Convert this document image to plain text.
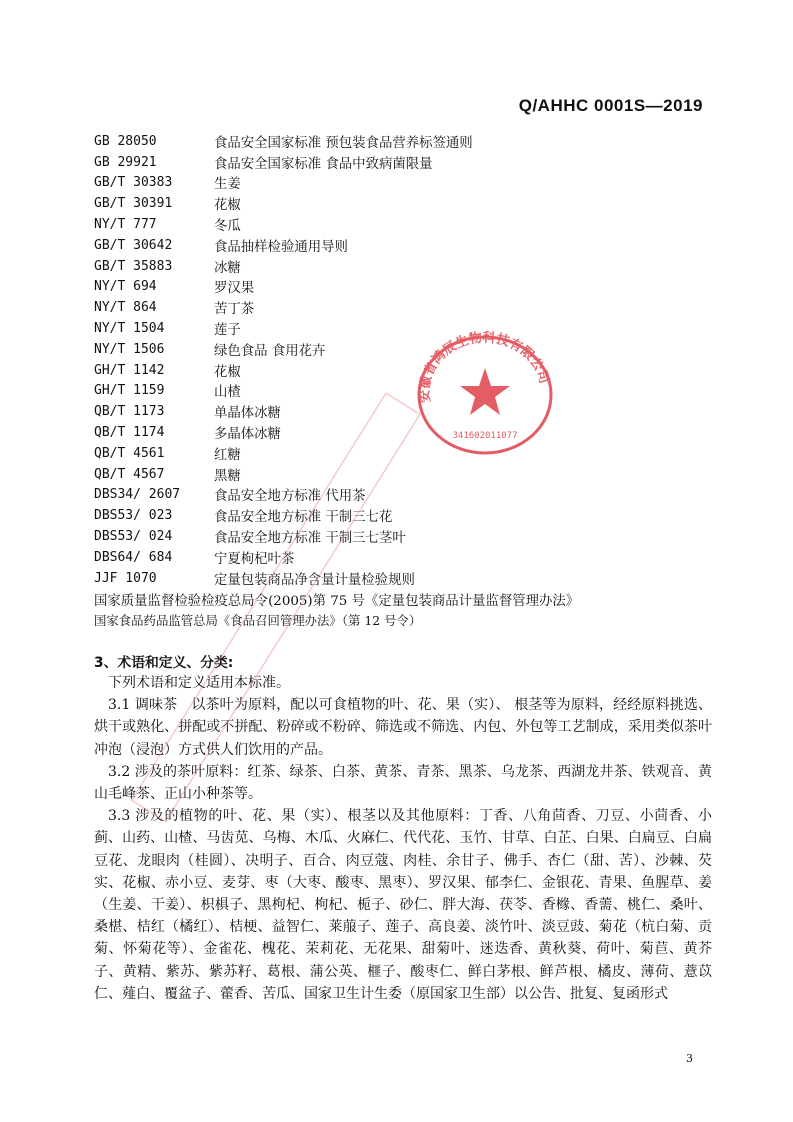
Q/AHHC 0001S—2019
GB 28050	食品安全国家标准 预包装食品营养标签通则
GB 29921	食品安全国家标准 食品中致病菌限量
GB/T 30383	生姜
GB/T 30391	花椒
NY/T 777	冬瓜
GB/T 30642	食品抽样检验通用导则
GB/T 35883	冰糖
NY/T 694	罗汉果
NY/T 864	苦丁茶
NY/T 1504	莲子
NY/T 1506	绿色食品 食用花卉
GH/T 1142	花椒
GH/T 1159	山楂
QB/T 1173	单晶体冰糖
QB/T 1174	多晶体冰糖
QB/T 4561	红糖
QB/T 4567	黑糖
DBS34/ 2607	食品安全地方标准 代用茶
DBS53/ 023	食品安全地方标准 干制三七花
DBS53/ 024	食品安全地方标准 干制三七茎叶
DBS64/ 684	宁夏枸杞叶茶
JJF 1070	定量包装商品净含量计量检验规则
国家质量监督检验检疫总局令(2005)第 75 号《定量包装商品计量监督管理办法》
国家食品药品监管总局《食品召回管理办法》（第 12 号令）
3、术语和定义、分类:

下列术语和定义适用本标准。

3.1 调味茶　以茶叶为原料，配以可食植物的叶、花、果（实）、 根茎等为原料，经经原料挑选、烘干或熟化、拼配或不拼配、粉碎或不粉碎、筛选或不筛选、内包、外包等工艺制成，采用类似茶叶冲泡（浸泡）方式供人们饮用的产品。

3.2 涉及的茶叶原料：红茶、绿茶、白茶、黄茶、青茶、黑茶、乌龙茶、西湖龙井茶、铁观音、黄山毛峰茶、正山小种茶等。

3.3 涉及的植物的叶、花、果（实）、根茎以及其他原料：丁香、八角茴香、刀豆、小茴香、小蓟、山药、山楂、马齿苋、乌梅、木瓜、火麻仁、代代花、玉竹、甘草、白芷、白果、白扁豆、白扁豆花、龙眼肉（桂圆）、决明子、百合、肉豆蔻、肉桂、余甘子、佛手、杏仁（甜、苦）、沙棘、芡实、花椒、赤小豆、麦芽、枣（大枣、酸枣、黑枣）、罗汉果、郁李仁、金银花、青果、鱼腥草、姜（生姜、干姜）、枳椇子、黑枸杞、枸杞、栀子、砂仁、胖大海、茯苓、香橼、香薷、桃仁、桑叶、桑椹、桔红（橘红）、桔梗、益智仁、莱菔子、莲子、高良姜、淡竹叶、淡豆豉、菊花（杭白菊、贡菊、怀菊花等）、金雀花、槐花、茉莉花、无花果、甜菊叶、迷迭香、黄秋葵、荷叶、菊苣、黄芥子、黄精、紫苏、紫苏籽、葛根、蒲公英、榧子、酸枣仁、鲜白茅根、鲜芦根、橘皮、薄荷、薏苡仁、薤白、覆盆子、藿香、苦瓜、国家卫生计生委（原国家卫生部）以公告、批复、复函形式

安徽省鸿辰生物科技有限公司
341602011077
3
